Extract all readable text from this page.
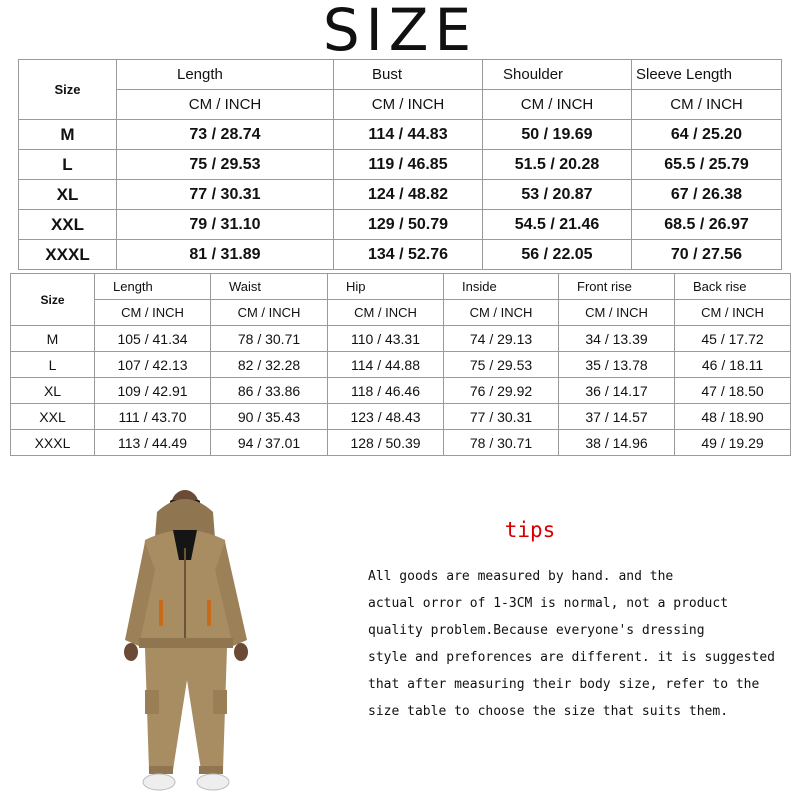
SIZE
Size	Length	Bust	Shoulder	Sleeve Length
	CM / INCH	CM / INCH	CM / INCH	CM / INCH
M	73 / 28.74	114 / 44.83	50 / 19.69	64 / 25.20
L	75 / 29.53	119 / 46.85	51.5 / 20.28	65.5 / 25.79
XL	77 / 30.31	124 / 48.82	53 / 20.87	67 / 26.38
XXL	79 / 31.10	129 / 50.79	54.5 / 21.46	68.5 / 26.97
XXXL	81 / 31.89	134 / 52.76	56 / 22.05	70 / 27.56
Size	Length	Waist	Hip	Inside	Front rise	Back rise
	CM / INCH	CM / INCH	CM / INCH	CM / INCH	CM / INCH	CM / INCH
M	105 / 41.34	78 / 30.71	110 / 43.31	74 / 29.13	34 / 13.39	45 / 17.72
L	107 / 42.13	82 / 32.28	114 / 44.88	75 / 29.53	35 / 13.78	46 / 18.11
XL	109 / 42.91	86 / 33.86	118 / 46.46	76 / 29.92	36 / 14.17	47 / 18.50
XXL	111 / 43.70	90 / 35.43	123 / 48.43	77 / 30.31	37 / 14.57	48 / 18.90
XXXL	113 / 44.49	94 / 37.01	128 / 50.39	78 / 30.71	38 / 14.96	49 / 19.29
tips
All goods are measured by hand. and the
actual orror of 1-3CM is normal, not a product
quality problem.Because everyone's dressing
style and preforences are different. it is suggested
that after measuring their body size, refer to the
size table to choose the size that suits them.
